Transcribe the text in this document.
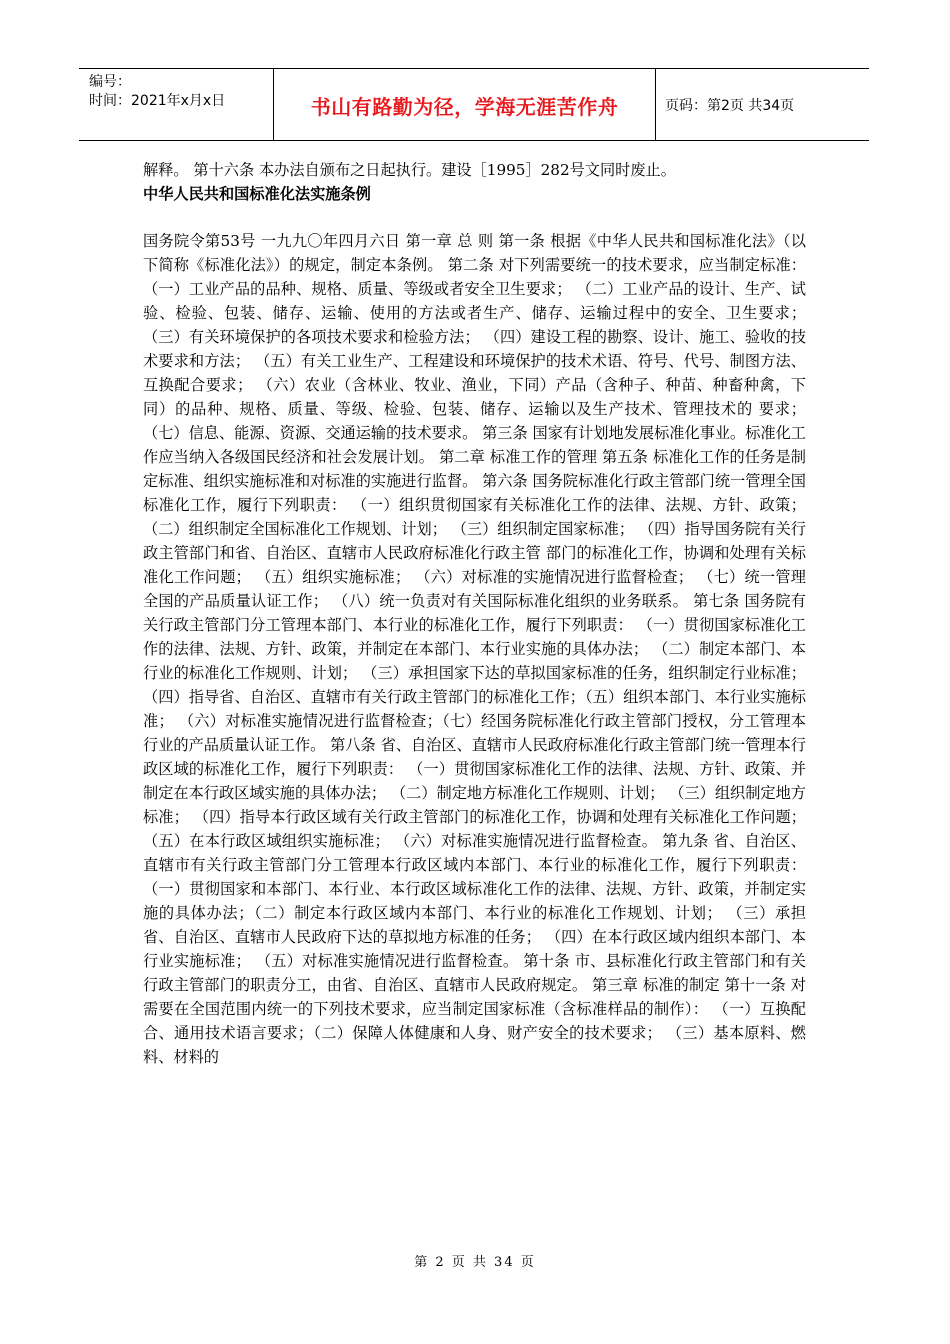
编号：
时间：2021年x月x日	书山有路勤为径，学海无涯苦作舟	页码：第2页 共34页

解释。 第十六条 本办法自颁布之日起执行。建设［1995］282号文同时废止。

中华人民共和国标准化法实施条例

国务院令第53号 一九九〇年四月六日 第一章 总 则 第一条 根据《中华人民共和国标准化法》（以下简称《标准化法》）的规定，制定本条例。 第二条 对下列需要统一的技术要求，应当制定标准： （一）工业产品的品种、规格、质量、等级或者安全卫生要求； （二）工业产品的设计、生产、试验、检验、包装、储存、运输、使用的方法或者生产、储存、运输过程中的安全、卫生要求； （三）有关环境保护的各项技术要求和检验方法； （四）建设工程的勘察、设计、施工、验收的技术要求和方法； （五）有关工业生产、工程建设和环境保护的技术术语、符号、代号、制图方法、互换配合要求； （六）农业（含林业、牧业、渔业，下同）产品（含种子、种苗、种畜种禽，下同）的品种、规格、质量、等级、检验、包装、储存、运输以及生产技术、管理技术的 要求； （七）信息、能源、资源、交通运输的技术要求。 第三条 国家有计划地发展标准化事业。标准化工作应当纳入各级国民经济和社会发展计划。 第二章 标准工作的管理 第五条 标准化工作的任务是制定标准、组织实施标准和对标准的实施进行监督。 第六条 国务院标准化行政主管部门统一管理全国标准化工作，履行下列职责： （一）组织贯彻国家有关标准化工作的法律、法规、方针、政策；（二）组织制定全国标准化工作规划、计划； （三）组织制定国家标准； （四）指导国务院有关行政主管部门和省、自治区、直辖市人民政府标准化行政主管 部门的标准化工作，协调和处理有关标准化工作问题； （五）组织实施标准； （六）对标准的实施情况进行监督检查； （七）统一管理全国的产品质量认证工作； （八）统一负责对有关国际标准化组织的业务联系。 第七条 国务院有关行政主管部门分工管理本部门、本行业的标准化工作，履行下列职责： （一）贯彻国家标准化工作的法律、法规、方针、政策，并制定在本部门、本行业实施的具体办法； （二）制定本部门、本行业的标准化工作规则、计划； （三）承担国家下达的草拟国家标准的任务，组织制定行业标准； （四）指导省、自治区、直辖市有关行政主管部门的标准化工作；（五）组织本部门、本行业实施标准； （六）对标准实施情况进行监督检查；（七）经国务院标准化行政主管部门授权，分工管理本行业的产品质量认证工作。 第八条 省、自治区、直辖市人民政府标准化行政主管部门统一管理本行政区域的标准化工作，履行下列职责： （一）贯彻国家标准化工作的法律、法规、方针、政策、并制定在本行政区域实施的具体办法； （二）制定地方标准化工作规则、计划； （三）组织制定地方标准； （四）指导本行政区域有关行政主管部门的标准化工作，协调和处理有关标准化工作问题； （五）在本行政区域组织实施标准； （六）对标准实施情况进行监督检查。 第九条 省、自治区、直辖市有关行政主管部门分工管理本行政区域内本部门、本行业的标准化工作，履行下列职责： （一）贯彻国家和本部门、本行业、本行政区域标准化工作的法律、法规、方针、政策，并制定实施的具体办法；（二）制定本行政区域内本部门、本行业的标准化工作规划、计划； （三）承担省、自治区、直辖市人民政府下达的草拟地方标准的任务； （四）在本行政区域内组织本部门、本行业实施标准； （五）对标准实施情况进行监督检查。 第十条 市、县标准化行政主管部门和有关行政主管部门的职责分工，由省、自治区、直辖市人民政府规定。 第三章 标准的制定 第十一条 对需要在全国范围内统一的下列技术要求，应当制定国家标准（含标准样品的制作）： （一）互换配合、通用技术语言要求；（二）保障人体健康和人身、财产安全的技术要求； （三）基本原料、燃料、材料的

第 2 页 共 34 页
